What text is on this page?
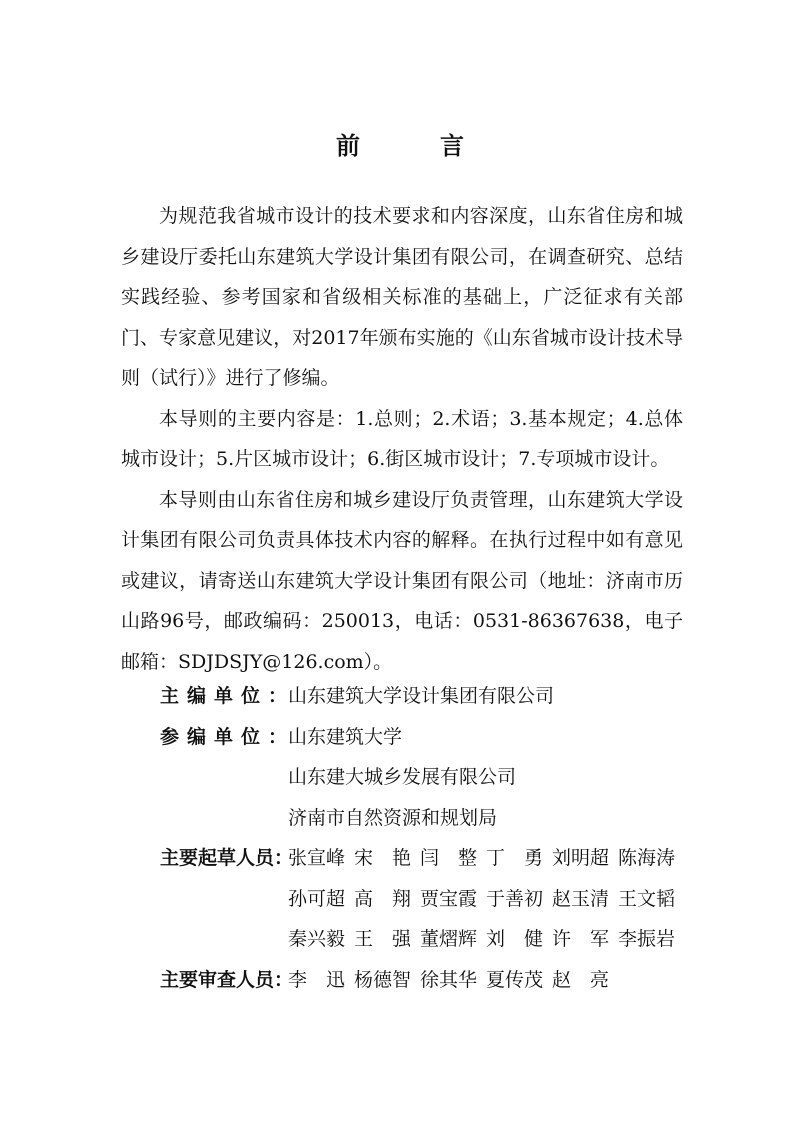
前　言

为规范我省城市设计的技术要求和内容深度，山东省住房和城乡建设厅委托山东建筑大学设计集团有限公司，在调查研究、总结实践经验、参考国家和省级相关标准的基础上，广泛征求有关部门、专家意见建议，对2017年颁布实施的《山东省城市设计技术导则（试行）》进行了修编。

本导则的主要内容是：1.总则；2.术语；3.基本规定；4.总体城市设计；5.片区城市设计；6.街区城市设计；7.专项城市设计。

本导则由山东省住房和城乡建设厅负责管理，山东建筑大学设计集团有限公司负责具体技术内容的解释。在执行过程中如有意见或建议，请寄送山东建筑大学设计集团有限公司（地址：济南市历山路96号，邮政编码：250013，电话：0531-86367638，电子邮箱：SDJDSJY@126.com）。

主编单位：
山东建筑大学设计集团有限公司
参编单位：
山东建筑大学
山东建大城乡发展有限公司
济南市自然资源和规划局
主要起草人员：
张宣峰 宋　艳 闫　整 丁　勇 刘明超 陈海涛
孙可超 高　翔 贾宝霞 于善初 赵玉清 王文韬
秦兴毅 王　强 董熠辉 刘　健 许　军 李振岩
主要审查人员：
李　迅 杨德智 徐其华 夏传茂 赵　亮
